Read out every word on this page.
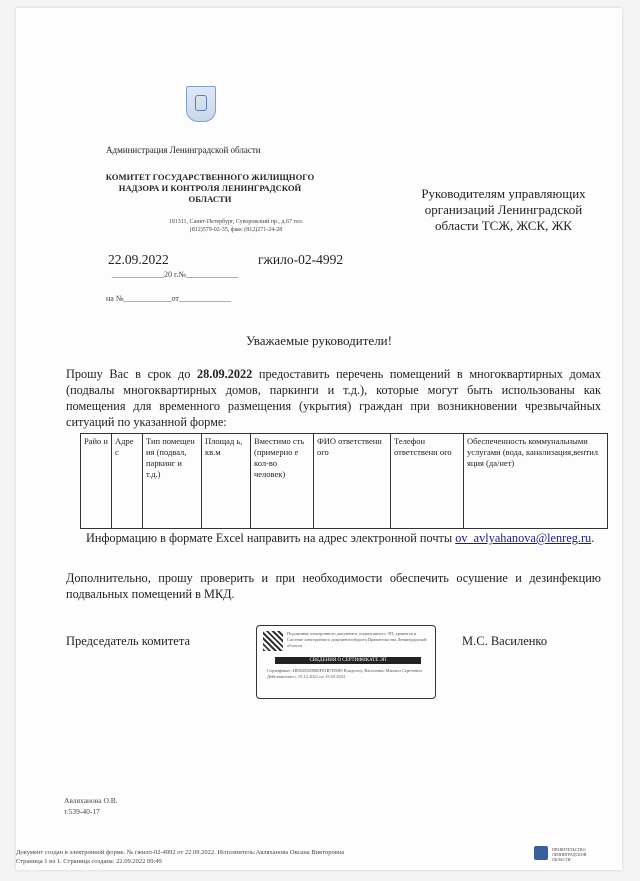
Администрация Ленинградской области
КОМИТЕТ ГОСУДАРСТВЕННОГО ЖИЛИЩНОГО НАДЗОРА И КОНТРОЛЯ ЛЕНИНГРАДСКОЙ ОБЛАСТИ
191311, Санкт-Петербург, Суворовский пр., д.67 тел. (812)579-02-35, факс (812)271-24-28
22.09.2022	гжило-02-4992
_____________20 г.№_____________
на №____________от_____________
Руководителям управляющих организаций Ленинградской области ТСЖ, ЖСК, ЖК
Уважаемые руководители!
Прошу Вас в срок до 28.09.2022 предоставить перечень помещений в многоквартирных домах (подвалы многоквартирных домов, паркинги и т.д.), которые могут быть использованы как помещения для временного размещения (укрытия) граждан при возникновении чрезвычайных ситуаций по указанной форме:
Райо н	Адре с	Тип помещен ия (подвал, паркинг и т.д.)	Площад ь, кв.м	Вместимо сть (примерно е кол-во человек)	ФИО ответственн ого	Телефон ответственн ого	Обеспеченность коммунальными услугами (вода, канализация,вентил яция (да/нет)
Информацию в формате Excel направить на адрес электронной почты ov_avlyahanova@lenreg.ru.
Дополнительно, прошу проверить и при необходимости обеспечить осушение и дезинфекцию подвальных помещений в МКД.
Председатель комитета
Подлинник электронного документа, подписанного ЭП, хранится в Системе электронного документооборота Правительства Ленинградской области
СВЕДЕНИЯ О СЕРТИФИКАТЕ ЭП
Сертификат: 4B002E2E8B0F81B7D5B9 Владелец: Василенко Михаил Сергеевич Действителен с 15.12.2021 по 15.03.2023
М.С. Василенко
Авляханова О.В.
т.539-40-17
Документ создан в электронной форме. № гжило-02-4992 от 22.09.2022. Исполнитель:Авляханова Оксана Викторовна
Страница 1 из 1. Страница создана: 22.09.2022 09:49
ПРАВИТЕЛЬСТВО ЛЕНИНГРАДСКОЙ ОБЛАСТИ
